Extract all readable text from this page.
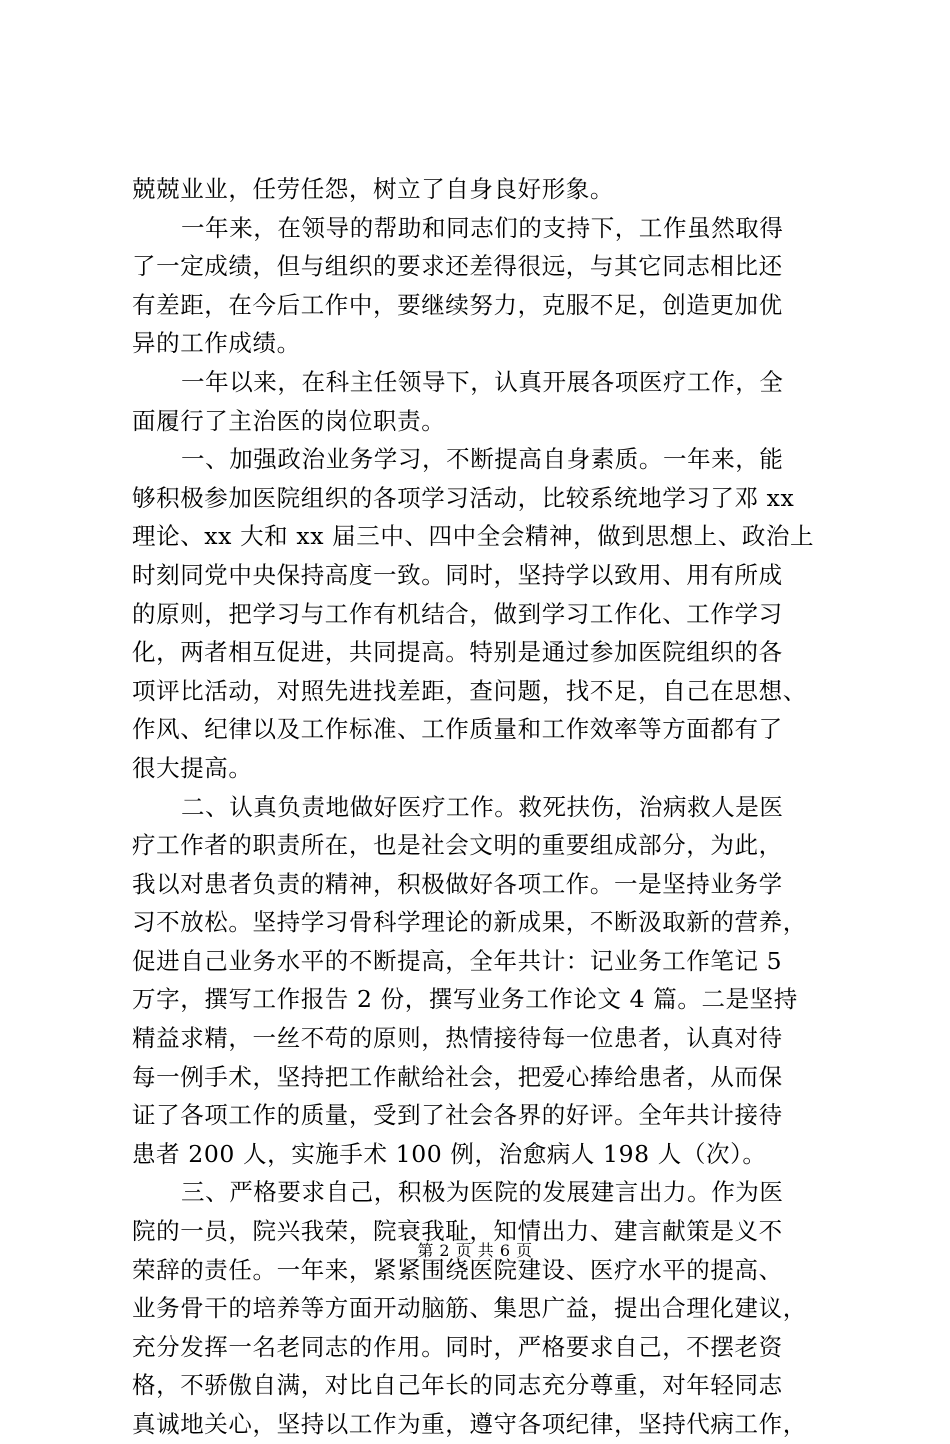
兢兢业业，任劳任怨，树立了自身良好形象。
一年来，在领导的帮助和同志们的支持下，工作虽然取得
了一定成绩，但与组织的要求还差得很远，与其它同志相比还
有差距，在今后工作中，要继续努力，克服不足，创造更加优
异的工作成绩。
一年以来，在科主任领导下，认真开展各项医疗工作，全
面履行了主治医的岗位职责。
一、加强政治业务学习，不断提高自身素质。一年来，能
够积极参加医院组织的各项学习活动，比较系统地学习了邓 xx
理论、xx 大和 xx 届三中、四中全会精神，做到思想上、政治上
时刻同党中央保持高度一致。同时，坚持学以致用、用有所成
的原则，把学习与工作有机结合，做到学习工作化、工作学习
化，两者相互促进，共同提高。特别是通过参加医院组织的各
项评比活动，对照先进找差距，查问题，找不足，自己在思想、
作风、纪律以及工作标准、工作质量和工作效率等方面都有了
很大提高。
二、认真负责地做好医疗工作。救死扶伤，治病救人是医
疗工作者的职责所在，也是社会文明的重要组成部分，为此，
我以对患者负责的精神，积极做好各项工作。一是坚持业务学
习不放松。坚持学习骨科学理论的新成果，不断汲取新的营养，
促进自己业务水平的不断提高，全年共计：记业务工作笔记 5
万字，撰写工作报告 2 份，撰写业务工作论文 4 篇。二是坚持
精益求精，一丝不苟的原则，热情接待每一位患者，认真对待
每一例手术，坚持把工作献给社会，把爱心捧给患者，从而保
证了各项工作的质量，受到了社会各界的好评。全年共计接待
患者 200 人，实施手术 100 例，治愈病人 198 人（次）。
三、严格要求自己，积极为医院的发展建言出力。作为医
院的一员，院兴我荣，院衰我耻，知情出力、建言献策是义不
荣辞的责任。一年来，紧紧围绕医院建设、医疗水平的提高、
业务骨干的培养等方面开动脑筋、集思广益，提出合理化建议，
充分发挥一名老同志的作用。同时，严格要求自己，不摆老资
格，不骄傲自满，对比自己年长的同志充分尊重，对年轻同志
真诚地关心，坚持以工作为重，遵守各项纪律，坚持代病工作，
第 2 页 共 6 页
